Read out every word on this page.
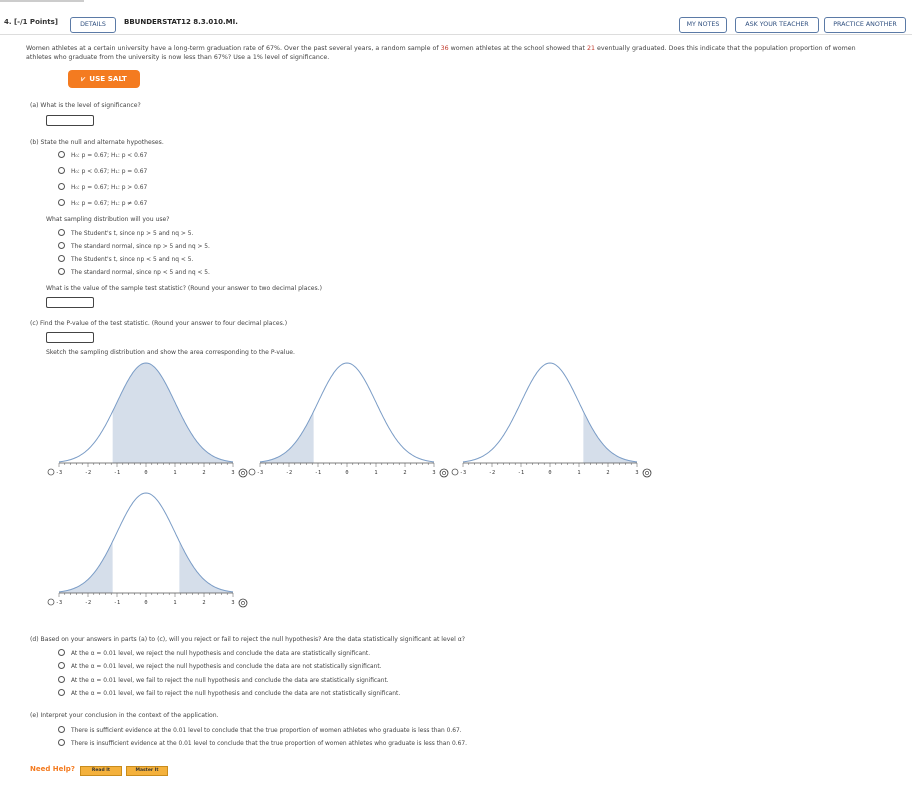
4. [-/1 Points]	DETAILS	BBUNDERSTAT12 8.3.010.MI.	MY NOTES	ASK YOUR TEACHER	PRACTICE ANOTHER
Women athletes at a certain university have a long-term graduation rate of 67%. Over the past several years, a random sample of 36 women athletes at the school showed that 21 eventually graduated. Does this indicate that the population proportion of women
athletes who graduate from the university is now less than 67%? Use a 1% level of significance.
⩗ USE SALT
(a) What is the level of significance?
(b) State the null and alternate hypotheses.
H₀: p = 0.67; H₁: p < 0.67
H₀: p < 0.67; H₁: p = 0.67
H₀: p = 0.67; H₁: p > 0.67
H₀: p = 0.67; H₁: p ≠ 0.67
What sampling distribution will you use?
The Student's t, since np > 5 and nq > 5.
The standard normal, since np > 5 and nq > 5.
The Student's t, since np < 5 and nq < 5.
The standard normal, since np < 5 and nq < 5.
What is the value of the sample test statistic? (Round your answer to two decimal places.)
(c) Find the P-value of the test statistic. (Round your answer to four decimal places.)
Sketch the sampling distribution and show the area corresponding to the P-value.
-3	-2	-1	0	1	2	3	-3	-2	-1	0	1	2	3	-3	-2	-1	0	1	2	3
-3	-2	-1	0	1	2	3
(d) Based on your answers in parts (a) to (c), will you reject or fail to reject the null hypothesis? Are the data statistically significant at level α?
At the α = 0.01 level, we reject the null hypothesis and conclude the data are statistically significant.
At the α = 0.01 level, we reject the null hypothesis and conclude the data are not statistically significant.
At the α = 0.01 level, we fail to reject the null hypothesis and conclude the data are statistically significant.
At the α = 0.01 level, we fail to reject the null hypothesis and conclude the data are not statistically significant.
(e) Interpret your conclusion in the context of the application.
There is sufficient evidence at the 0.01 level to conclude that the true proportion of women athletes who graduate is less than 0.67.
There is insufficient evidence at the 0.01 level to conclude that the true proportion of women athletes who graduate is less than 0.67.
Need Help?	Read It	Master It
